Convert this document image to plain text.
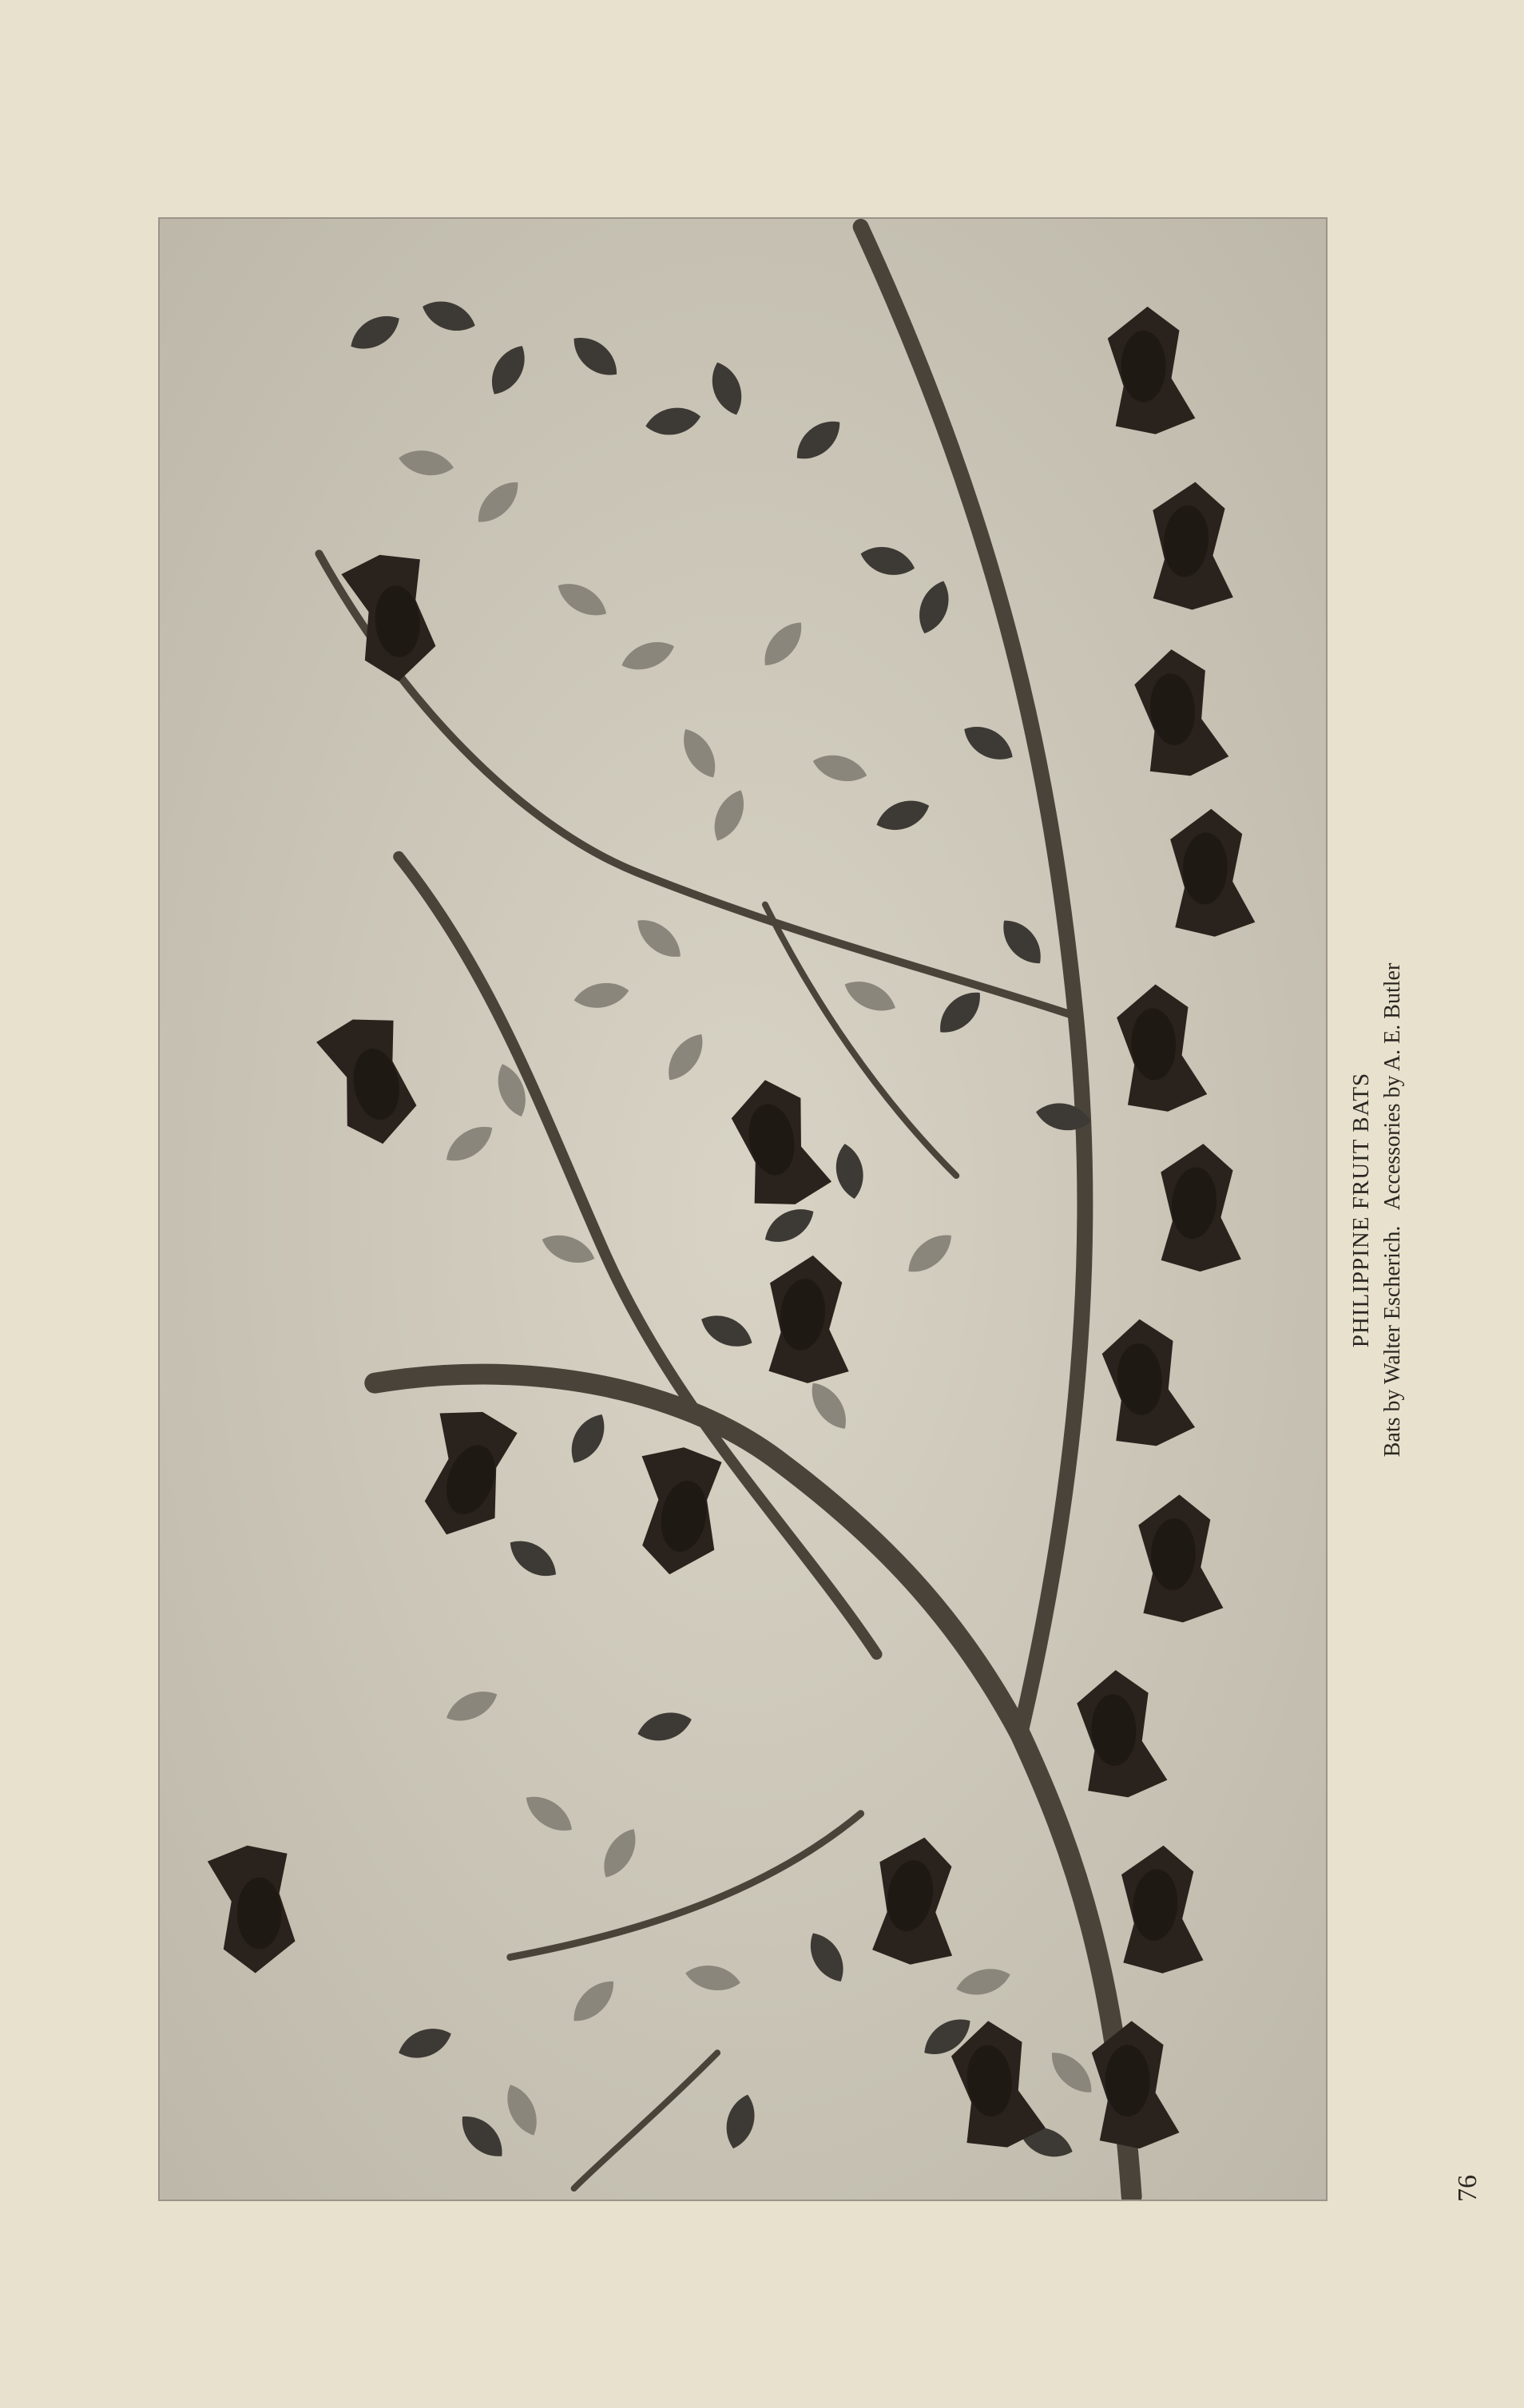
PHILIPPINE FRUIT BATS Bats by Walter Escherich.   Accessories by A. E. Butler
76
